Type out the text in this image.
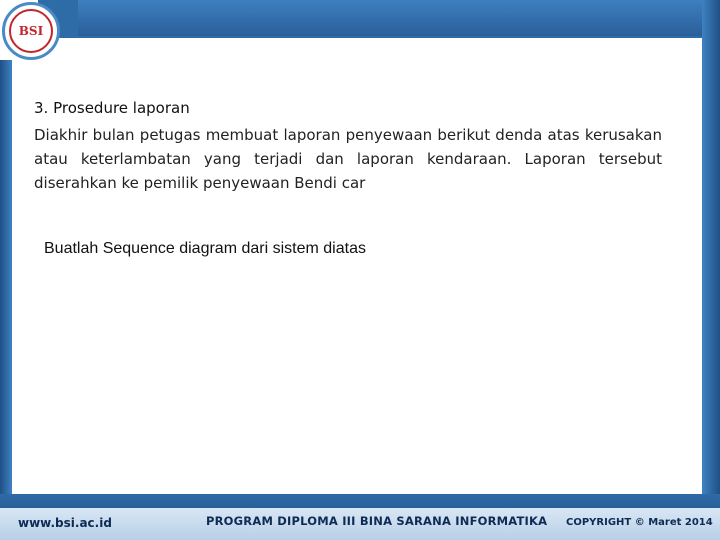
BSI
3. Prosedure laporan

Diakhir bulan petugas membuat laporan penyewaan berikut denda atas kerusakan atau keterlambatan yang terjadi dan laporan kendaraan. Laporan tersebut diserahkan ke pemilik penyewaan Bendi car

Buatlah Sequence diagram dari sistem diatas
www.bsi.ac.id	PROGRAM DIPLOMA III BINA SARANA INFORMATIKA COPYRIGHT © Maret 2014
